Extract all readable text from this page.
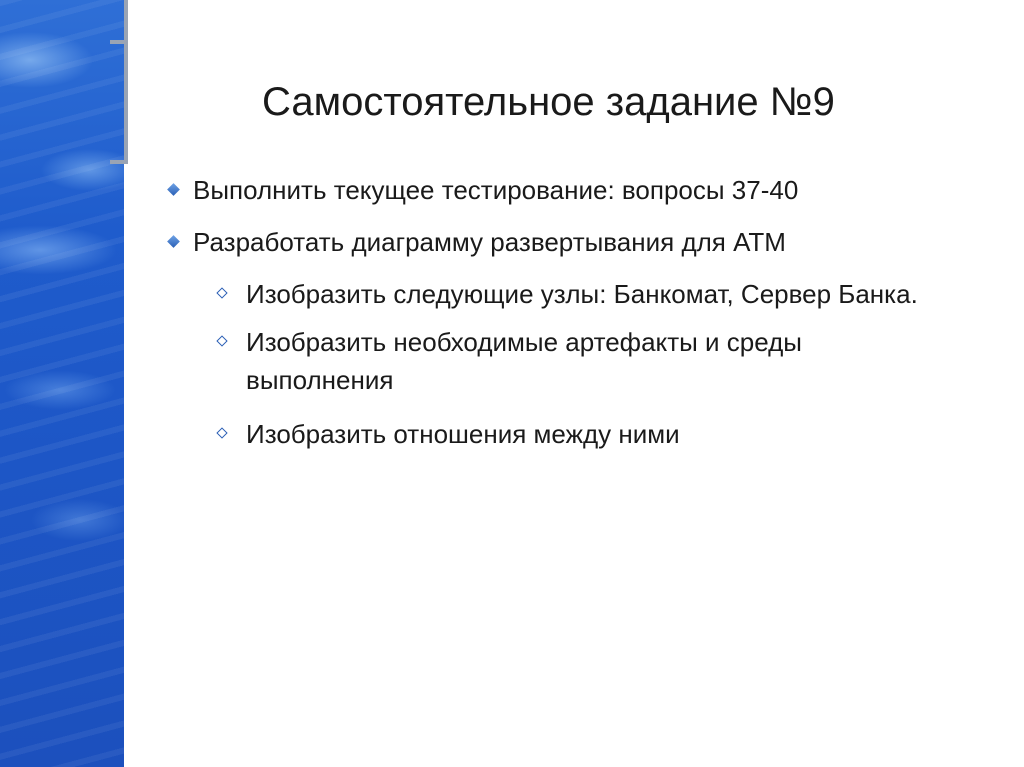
Самостоятельное задание №9
Выполнить текущее тестирование: вопросы 37-40
Разработать диаграмму развертывания для АТМ
Изобразить следующие узлы: Банкомат, Сервер Банка.
Изобразить необходимые артефакты и среды
выполнения
Изобразить отношения между ними
